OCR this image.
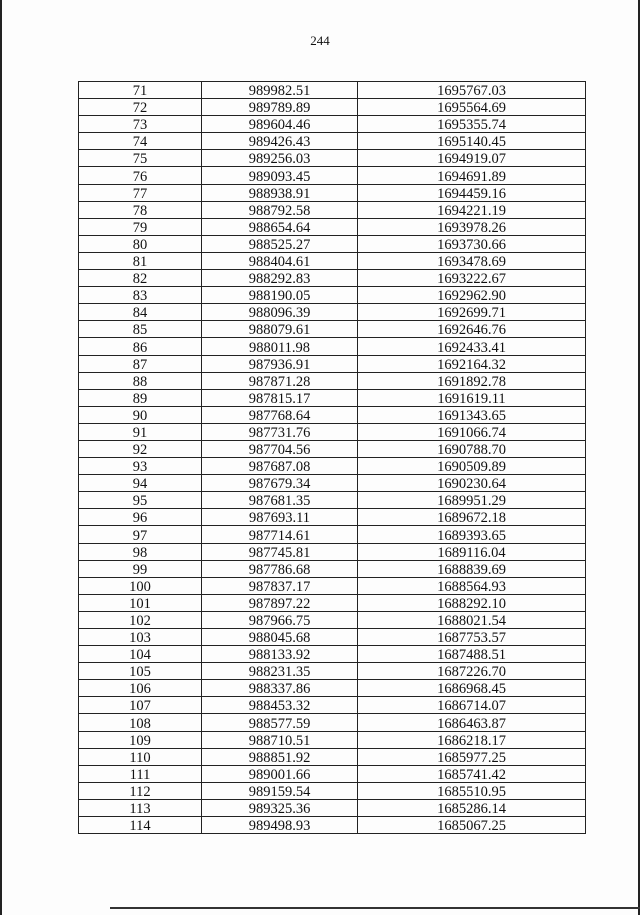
244
71	989982.51	1695767.03
72	989789.89	1695564.69
73	989604.46	1695355.74
74	989426.43	1695140.45
75	989256.03	1694919.07
76	989093.45	1694691.89
77	988938.91	1694459.16
78	988792.58	1694221.19
79	988654.64	1693978.26
80	988525.27	1693730.66
81	988404.61	1693478.69
82	988292.83	1693222.67
83	988190.05	1692962.90
84	988096.39	1692699.71
85	988079.61	1692646.76
86	988011.98	1692433.41
87	987936.91	1692164.32
88	987871.28	1691892.78
89	987815.17	1691619.11
90	987768.64	1691343.65
91	987731.76	1691066.74
92	987704.56	1690788.70
93	987687.08	1690509.89
94	987679.34	1690230.64
95	987681.35	1689951.29
96	987693.11	1689672.18
97	987714.61	1689393.65
98	987745.81	1689116.04
99	987786.68	1688839.69
100	987837.17	1688564.93
101	987897.22	1688292.10
102	987966.75	1688021.54
103	988045.68	1687753.57
104	988133.92	1687488.51
105	988231.35	1687226.70
106	988337.86	1686968.45
107	988453.32	1686714.07
108	988577.59	1686463.87
109	988710.51	1686218.17
110	988851.92	1685977.25
111	989001.66	1685741.42
112	989159.54	1685510.95
113	989325.36	1685286.14
114	989498.93	1685067.25
